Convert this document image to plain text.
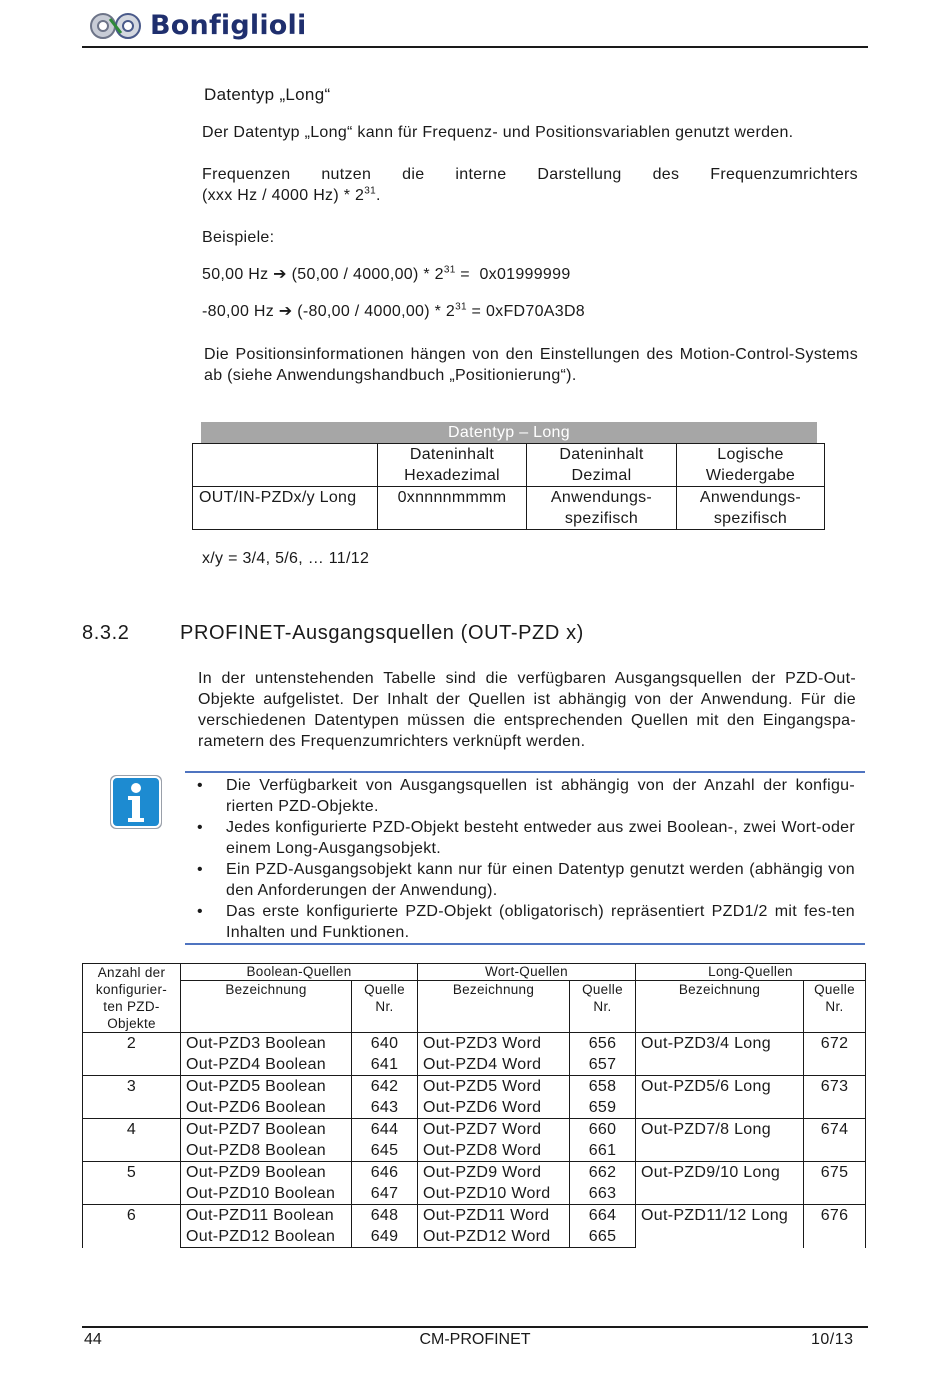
Bonfiglioli
Datentyp „Long“
Der Datentyp „Long“ kann für Frequenz- und Positionsvariablen genutzt werden.
Frequenzen nutzen die interne Darstellung des Frequenzumrichters
(xxx Hz / 4000 $Hz) * 2^{31}$.
Beispiele:
50,00 Hz ➔ $(50,00 / 4000,00) * 2^{31} = 0x01999999$
-80,00 Hz ➔ $(-80,00 / 4000,00) * 2^{31} = 0xFD70A3D8$
Die Positionsinformationen hängen von den Einstellungen des Motion-Control-Systems ab (siehe Anwendungshandbuch „Positionierung“).
Datentyp – Long
	Dateninhalt Hexadezimal	Dateninhalt Dezimal	Logische Wiedergabe
OUT/IN-PZDx/y Long	0xnnnnmmmm	Anwendungs-spezifisch	Anwendungs-spezifisch
x/y = 3/4, 5/6, … 11/12
8.3.2	PROFINET-Ausgangsquellen (OUT-PZD x)
In der untenstehenden Tabelle sind die verfügbaren Ausgangsquellen der PZD-Out-Objekte aufgelistet. Der Inhalt der Quellen ist abhängig von der Anwendung. Für die verschiedenen Datentypen müssen die entsprechenden Quellen mit den Eingangspa-rametern des Frequenzumrichters verknüpft werden.
• Die Verfügbarkeit von Ausgangsquellen ist abhängig von der Anzahl der konfigu-rierten PZD-Objekte.
• Jedes konfigurierte PZD-Objekt besteht entweder aus zwei Boolean-, zwei Wort-oder einem Long-Ausgangsobjekt.
• Ein PZD-Ausgangsobjekt kann nur für einen Datentyp genutzt werden (abhängig von den Anforderungen der Anwendung).
• Das erste konfigurierte PZD-Objekt (obligatorisch) repräsentiert PZD1/2 mit fes-ten Inhalten und Funktionen.
Anzahl der konfigurier-ten PZD-Objekte	Boolean-Quellen		Wort-Quellen		Long-Quellen	
	Bezeichnung	Quelle Nr.	Bezeichnung	Quelle Nr.	Bezeichnung	Quelle Nr.
2	Out-PZD3 Boolean	640	Out-PZD3 Word	656	Out-PZD3/4 Long	672
	Out-PZD4 Boolean	641	Out-PZD4 Word	657		
3	Out-PZD5 Boolean	642	Out-PZD5 Word	658	Out-PZD5/6 Long	673
	Out-PZD6 Boolean	643	Out-PZD6 Word	659		
4	Out-PZD7 Boolean	644	Out-PZD7 Word	660	Out-PZD7/8 Long	674
	Out-PZD8 Boolean	645	Out-PZD8 Word	661		
5	Out-PZD9 Boolean	646	Out-PZD9 Word	662	Out-PZD9/10 Long	675
	Out-PZD10 Boolean	647	Out-PZD10 Word	663		
6	Out-PZD11 Boolean	648	Out-PZD11 Word	664	Out-PZD11/12 Long	676
	Out-PZD12 Boolean	649	Out-PZD12 Word	665		
44	CM-PROFINET	10/13
